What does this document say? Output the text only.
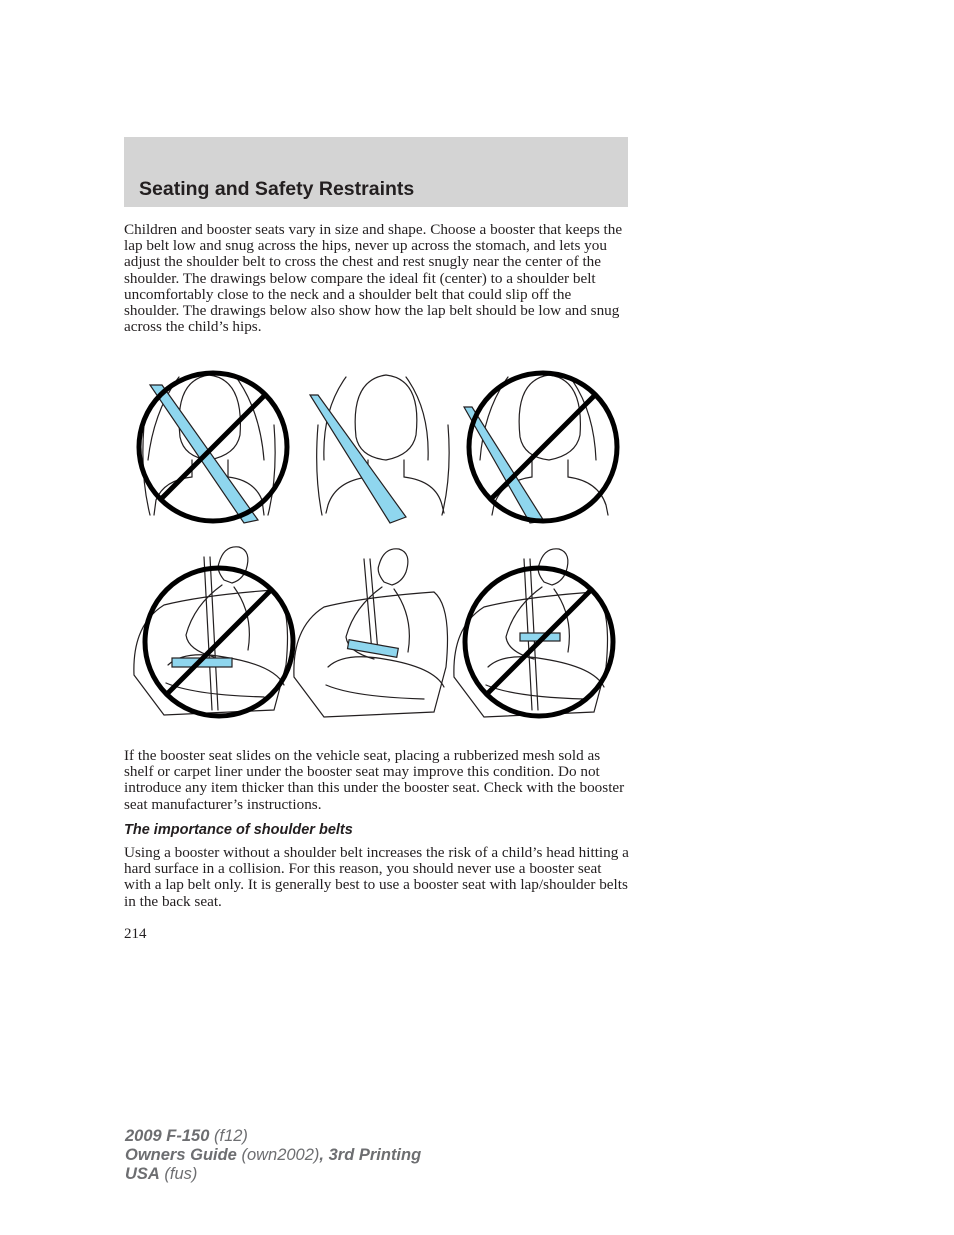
Seating and Safety Restraints

Children and booster seats vary in size and shape. Choose a booster that keeps the lap belt low and snug across the hips, never up across the stomach, and lets you adjust the shoulder belt to cross the chest and rest snugly near the center of the shoulder. The drawings below compare the ideal fit (center) to a shoulder belt uncomfortably close to the neck and a shoulder belt that could slip off the shoulder. The drawings below also show how the lap belt should be low and snug across the child’s hips.

If the booster seat slides on the vehicle seat, placing a rubberized mesh sold as shelf or carpet liner under the booster seat may improve this condition. Do not introduce any item thicker than this under the booster seat. Check with the booster seat manufacturer’s instructions.

The importance of shoulder belts

Using a booster without a shoulder belt increases the risk of a child’s head hitting a hard surface in a collision. For this reason, you should never use a booster seat with a lap belt only. It is generally best to use a booster seat with lap/shoulder belts in the back seat.

214
2009 F-150 (f12)
Owners Guide (own2002), 3rd Printing
USA (fus)
